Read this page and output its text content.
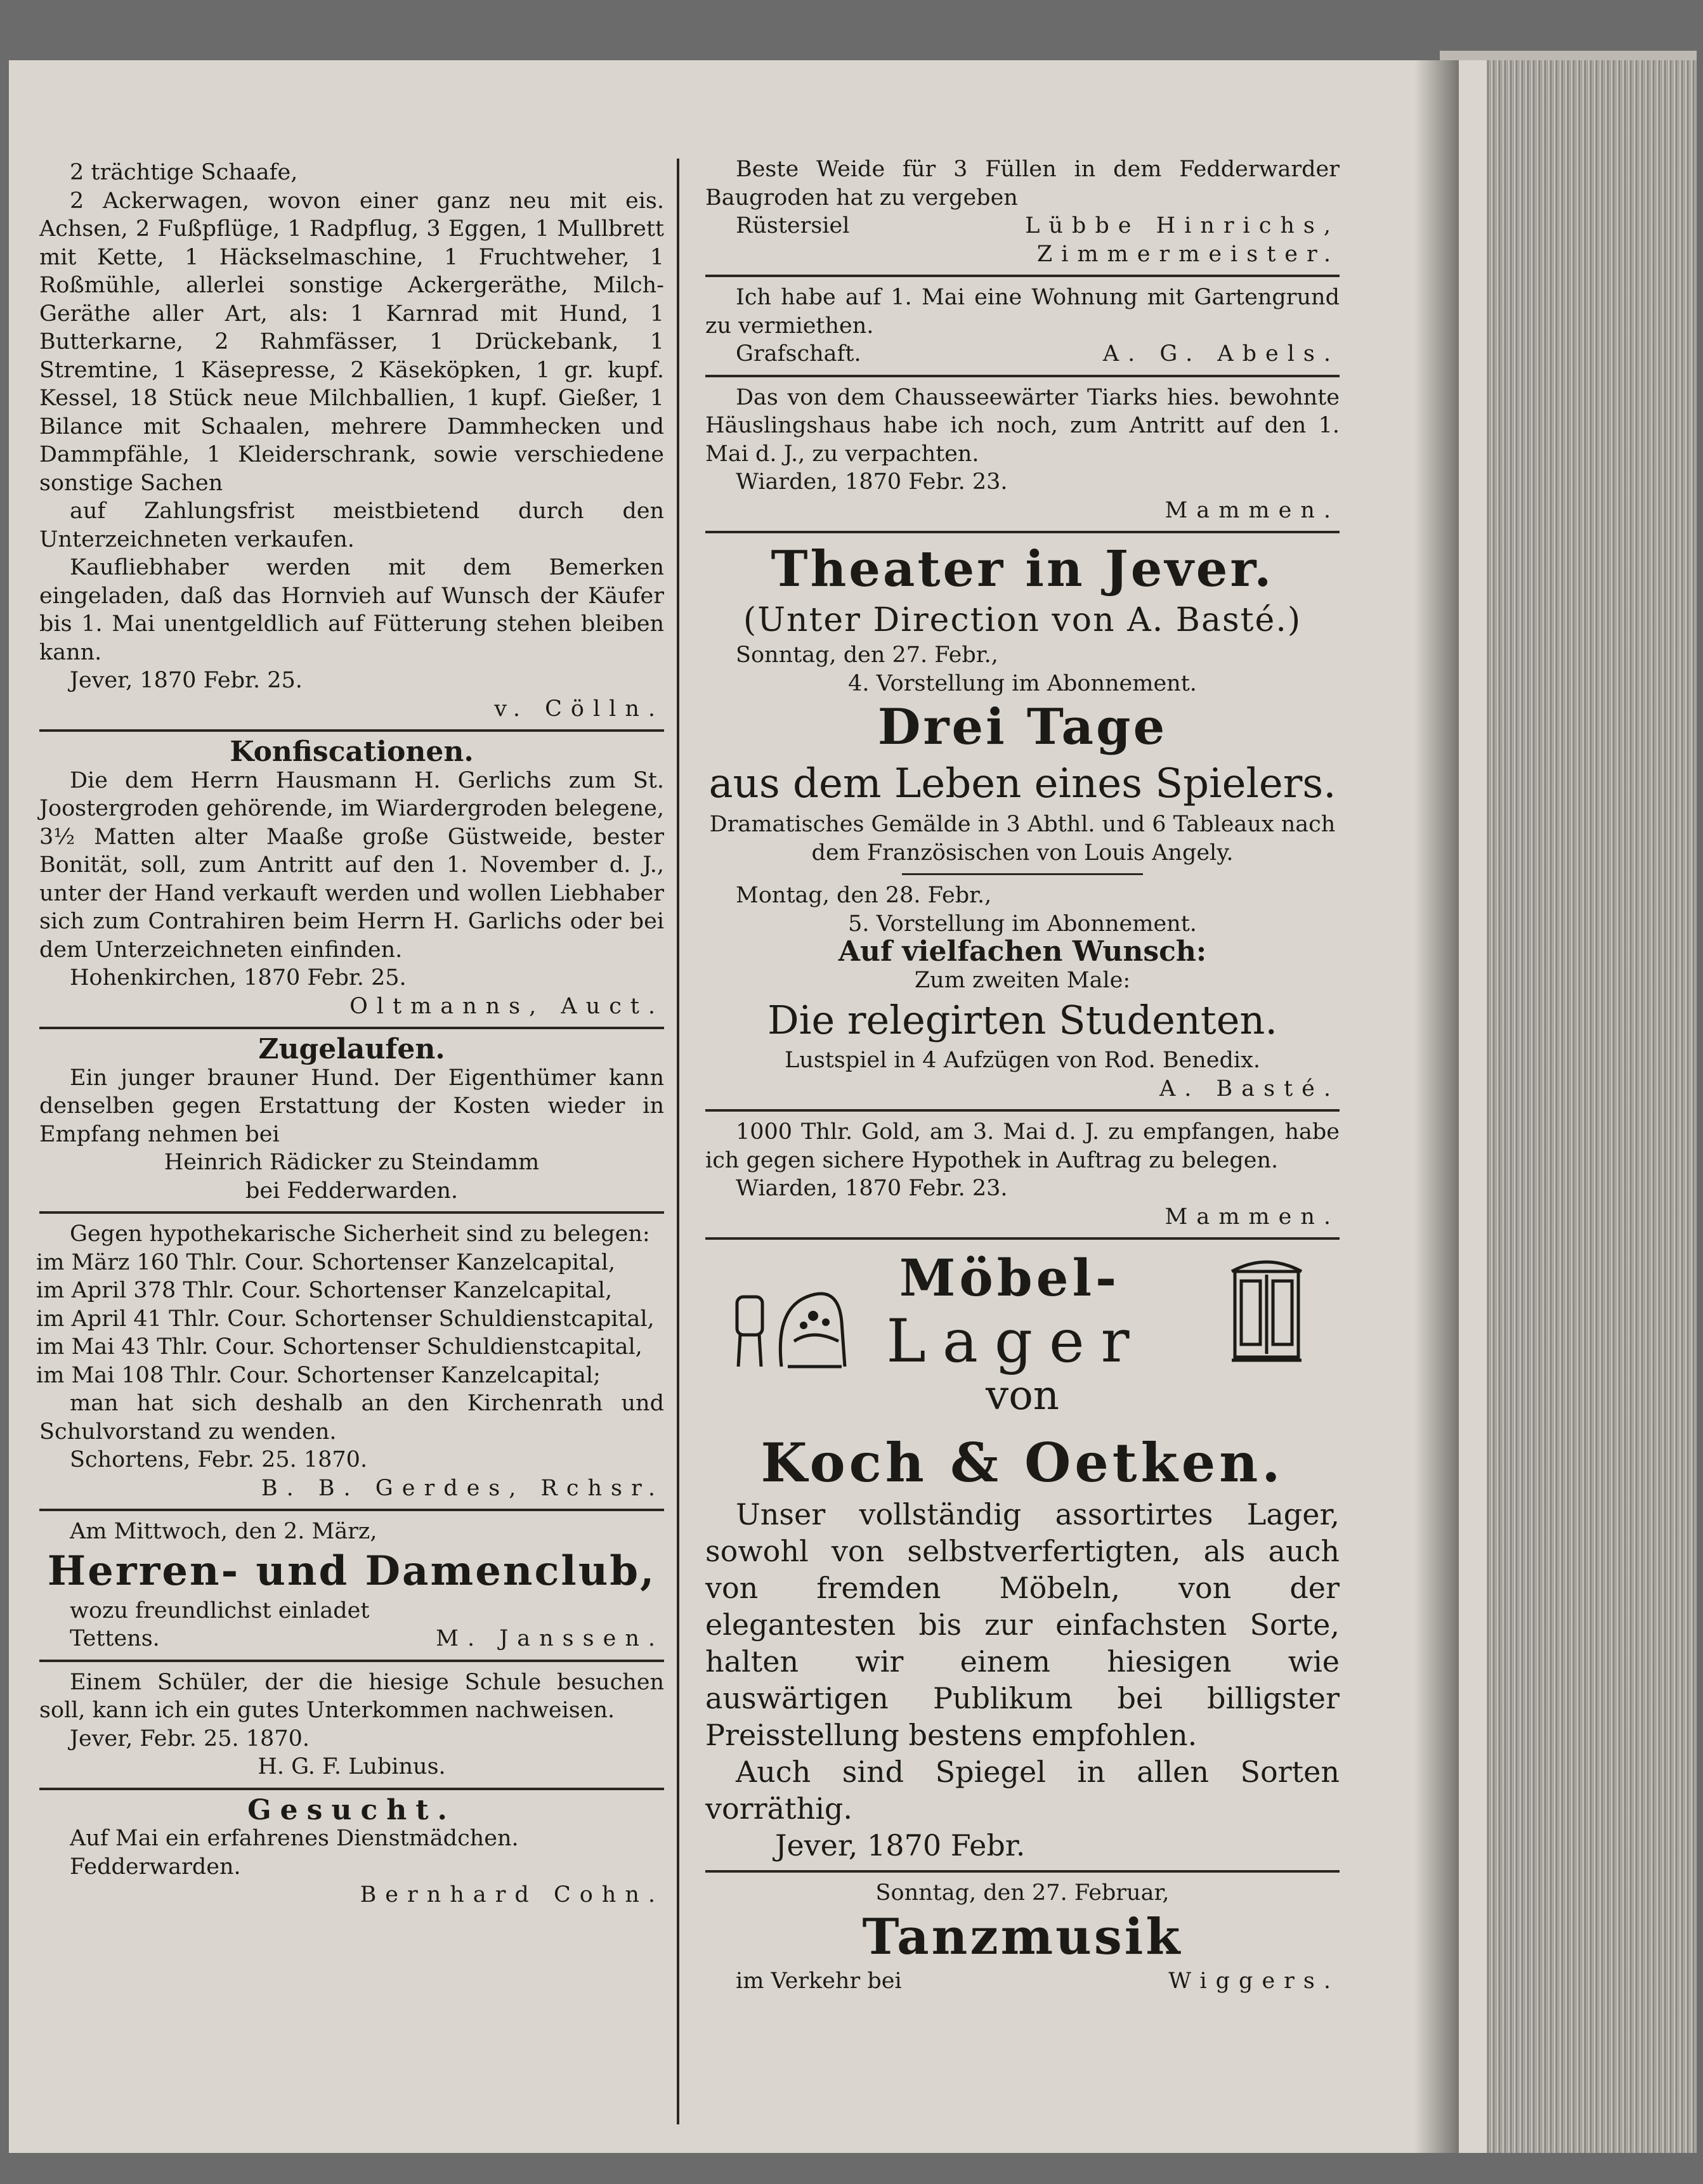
2 trächtige Schaafe,

2 Ackerwagen, wovon einer ganz neu mit eis. Achsen, 2 Fußpflüge, 1 Radpflug, 3 Eggen, 1 Mullbrett mit Kette, 1 Häckselmaschine, 1 Fruchtweher, 1 Roßmühle, allerlei sonstige Ackergeräthe, Milch-Geräthe aller Art, als: 1 Karnrad mit Hund, 1 Butterkarne, 2 Rahmfässer, 1 Drückebank, 1 Stremtine, 1 Käsepresse, 2 Käseköpken, 1 gr. kupf. Kessel, 18 Stück neue Milchballien, 1 kupf. Gießer, 1 Bilance mit Schaalen, mehrere Dammhecken und Dammpfähle, 1 Kleiderschrank, sowie verschiedene sonstige Sachen

auf Zahlungsfrist meistbietend durch den Unterzeichneten verkaufen.

Kaufliebhaber werden mit dem Bemerken eingeladen, daß das Hornvieh auf Wunsch der Käufer bis 1. Mai unentgeldlich auf Fütterung stehen bleiben kann.

Jever, 1870 Febr. 25.

v. Cölln.

Konfiscationen.

Die dem Herrn Hausmann H. Gerlichs zum St. Joostergroden gehörende, im Wiardergroden belegene, 3½ Matten alter Maaße große Güstweide, bester Bonität, soll, zum Antritt auf den 1. November d. J., unter der Hand verkauft werden und wollen Liebhaber sich zum Contrahiren beim Herrn H. Garlichs oder bei dem Unterzeichneten einfinden.

Hohenkirchen, 1870 Febr. 25.

Oltmanns, Auct.

Zugelaufen.

Ein junger brauner Hund. Der Eigenthümer kann denselben gegen Erstattung der Kosten wieder in Empfang nehmen bei

Heinrich Rädicker zu Steindamm

bei Fedderwarden.

Gegen hypothekarische Sicherheit sind zu belegen:

im März 160 Thlr. Cour. Schortenser Kanzelcapital,

im April 378 Thlr. Cour. Schortenser Kanzelcapital,

im April 41 Thlr. Cour. Schortenser Schuldienstcapital,

im Mai 43 Thlr. Cour. Schortenser Schuldienstcapital,

im Mai 108 Thlr. Cour. Schortenser Kanzelcapital;

man hat sich deshalb an den Kirchenrath und Schulvorstand zu wenden.

Schortens, Febr. 25. 1870.

B. B. Gerdes, Rchsr.

Am Mittwoch, den 2. März,

Herren- und Damenclub,

wozu freundlichst einladet

Tettens.	M. Janssen.

Einem Schüler, der die hiesige Schule besuchen soll, kann ich ein gutes Unterkommen nachweisen.

Jever, Febr. 25. 1870.

H. G. F. Lubinus.

Gesucht.

Auf Mai ein erfahrenes Dienstmädchen.

Fedderwarden.

Bernhard Cohn.

Beste Weide für 3 Füllen in dem Fedderwarder Baugroden hat zu vergeben

Rüstersiel	Lübbe Hinrichs,

Zimmermeister.

Ich habe auf 1. Mai eine Wohnung mit Gartengrund zu vermiethen.

Grafschaft.	A. G. Abels.

Das von dem Chausseewärter Tiarks hies. bewohnte Häuslingshaus habe ich noch, zum Antritt auf den 1. Mai d. J., zu verpachten.

Wiarden, 1870 Febr. 23.

Mammen.

Theater in Jever.

(Unter Direction von A. Basté.)

Sonntag, den 27. Febr.,

4. Vorstellung im Abonnement.

Drei Tage

aus dem Leben eines Spielers.

Dramatisches Gemälde in 3 Abthl. und 6 Tableaux nach dem Französischen von Louis Angely.

Montag, den 28. Febr.,

5. Vorstellung im Abonnement.

Auf vielfachen Wunsch:

Zum zweiten Male:

Die relegirten Studenten.

Lustspiel in 4 Aufzügen von Rod. Benedix.

A. Basté.

1000 Thlr. Gold, am 3. Mai d. J. zu empfangen, habe ich gegen sichere Hypothek in Auftrag zu belegen.

Wiarden, 1870 Febr. 23.

Mammen.

Möbel-
Lager
von

Koch & Oetken.

Unser vollständig assortirtes Lager, sowohl von selbstverfertigten, als auch von fremden Möbeln, von der elegantesten bis zur einfachsten Sorte, halten wir einem hiesigen wie auswärtigen Publikum bei billigster Preisstellung bestens empfohlen.

Auch sind Spiegel in allen Sorten vorräthig.

Jever, 1870 Febr.

Sonntag, den 27. Februar,

Tanzmusik

im Verkehr bei	Wiggers.
